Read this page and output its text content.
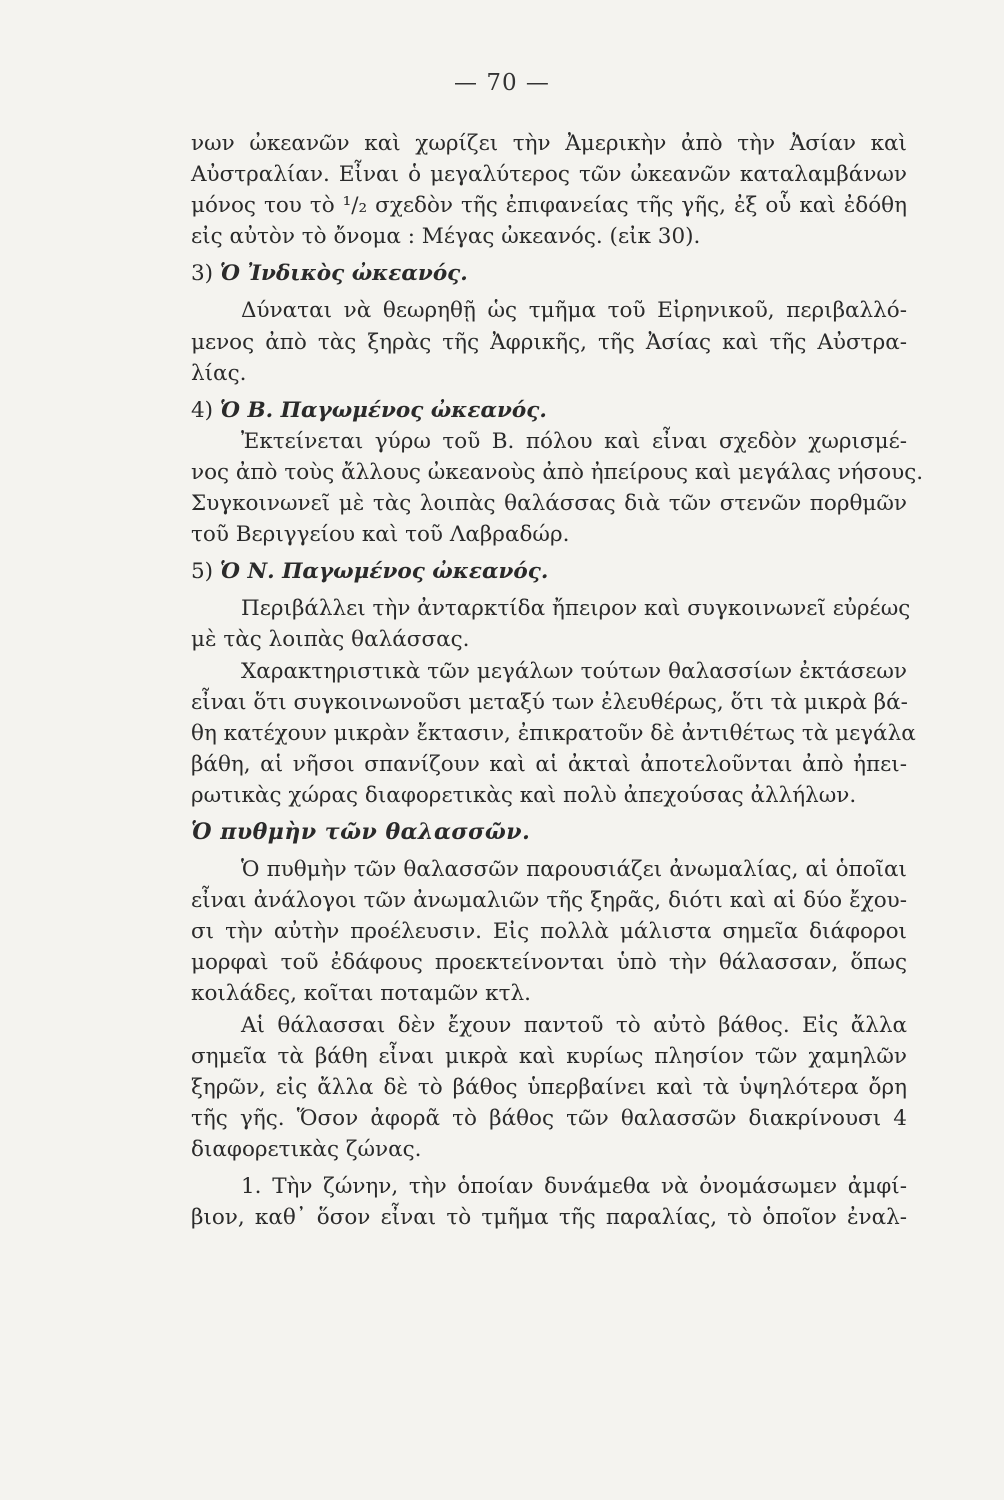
— 70 —
νων ὠκεανῶν καὶ χωρίζει τὴν Ἀμερικὴν ἀπὸ τὴν Ἀσίαν καὶ
Αὐστραλίαν. Εἶναι ὁ μεγαλύτερος τῶν ὠκεανῶν καταλαμβάνων
μόνος του τὸ ¹/₂ σχεδὸν τῆς ἐπιφανείας τῆς γῆς, ἐξ οὗ καὶ ἐδόθη
εἰς αὐτὸν τὸ ὄνομα : Μέγας ὠκεανός. (εἰκ 30).
3) Ὁ Ἰνδικὸς ὠκεανός.
Δύναται νὰ θεωρηθῇ ὡς τμῆμα τοῦ Εἰρηνικοῦ, περιβαλλό-
μενος ἀπὸ τὰς ξηρὰς τῆς Ἀφρικῆς, τῆς Ἀσίας καὶ τῆς Αὐστρα-
λίας.
4) Ὁ Β. Παγωμένος ὠκεανός.
Ἐκτείνεται γύρω τοῦ Β. πόλου καὶ εἶναι σχεδὸν χωρισμέ-
νος ἀπὸ τοὺς ἄλλους ὠκεανοὺς ἀπὸ ἠπείρους καὶ μεγάλας νήσους.
Συγκοινωνεῖ μὲ τὰς λοιπὰς θαλάσσας διὰ τῶν στενῶν πορθμῶν
τοῦ Βεριγγείου καὶ τοῦ Λαβραδώρ.
5) Ὁ Ν. Παγωμένος ὠκεανός.
Περιβάλλει τὴν ἀνταρκτίδα ἤπειρον καὶ συγκοινωνεῖ εὐρέως
μὲ τὰς λοιπὰς θαλάσσας.
Χαρακτηριστικὰ τῶν μεγάλων τούτων θαλασσίων ἐκτάσεων
εἶναι ὅτι συγκοινωνοῦσι μεταξύ των ἐλευθέρως, ὅτι τὰ μικρὰ βά-
θη κατέχουν μικρὰν ἔκτασιν, ἐπικρατοῦν δὲ ἀντιθέτως τὰ μεγάλα
βάθη, αἱ νῆσοι σπανίζουν καὶ αἱ ἀκταὶ ἀποτελοῦνται ἀπὸ ἠπει-
ρωτικὰς χώρας διαφορετικὰς καὶ πολὺ ἀπεχούσας ἀλλήλων.
Ὁ πυθμὴν τῶν θαλασσῶν.
Ὁ πυθμὴν τῶν θαλασσῶν παρουσιάζει ἀνωμαλίας, αἱ ὁποῖαι
εἶναι ἀνάλογοι τῶν ἀνωμαλιῶν τῆς ξηρᾶς, διότι καὶ αἱ δύο ἔχου-
σι τὴν αὐτὴν προέλευσιν. Εἰς πολλὰ μάλιστα σημεῖα διάφοροι
μορφαὶ τοῦ ἐδάφους προεκτείνονται ὑπὸ τὴν θάλασσαν, ὅπως
κοιλάδες, κοῖται ποταμῶν κτλ.
Αἱ θάλασσαι δὲν ἔχουν παντοῦ τὸ αὐτὸ βάθος. Εἰς ἄλλα
σημεῖα τὰ βάθη εἶναι μικρὰ καὶ κυρίως πλησίον τῶν χαμηλῶν
ξηρῶν, εἰς ἄλλα δὲ τὸ βάθος ὑπερβαίνει καὶ τὰ ὑψηλότερα ὄρη
τῆς γῆς. Ὅσον ἀφορᾶ τὸ βάθος τῶν θαλασσῶν διακρίνουσι 4
διαφορετικὰς ζώνας.
1. Τὴν ζώνην, τὴν ὁποίαν δυνάμεθα νὰ ὀνομάσωμεν ἀμφί-
βιον, καθ᾽ ὅσον εἶναι τὸ τμῆμα τῆς παραλίας, τὸ ὁποῖον ἐναλ-
